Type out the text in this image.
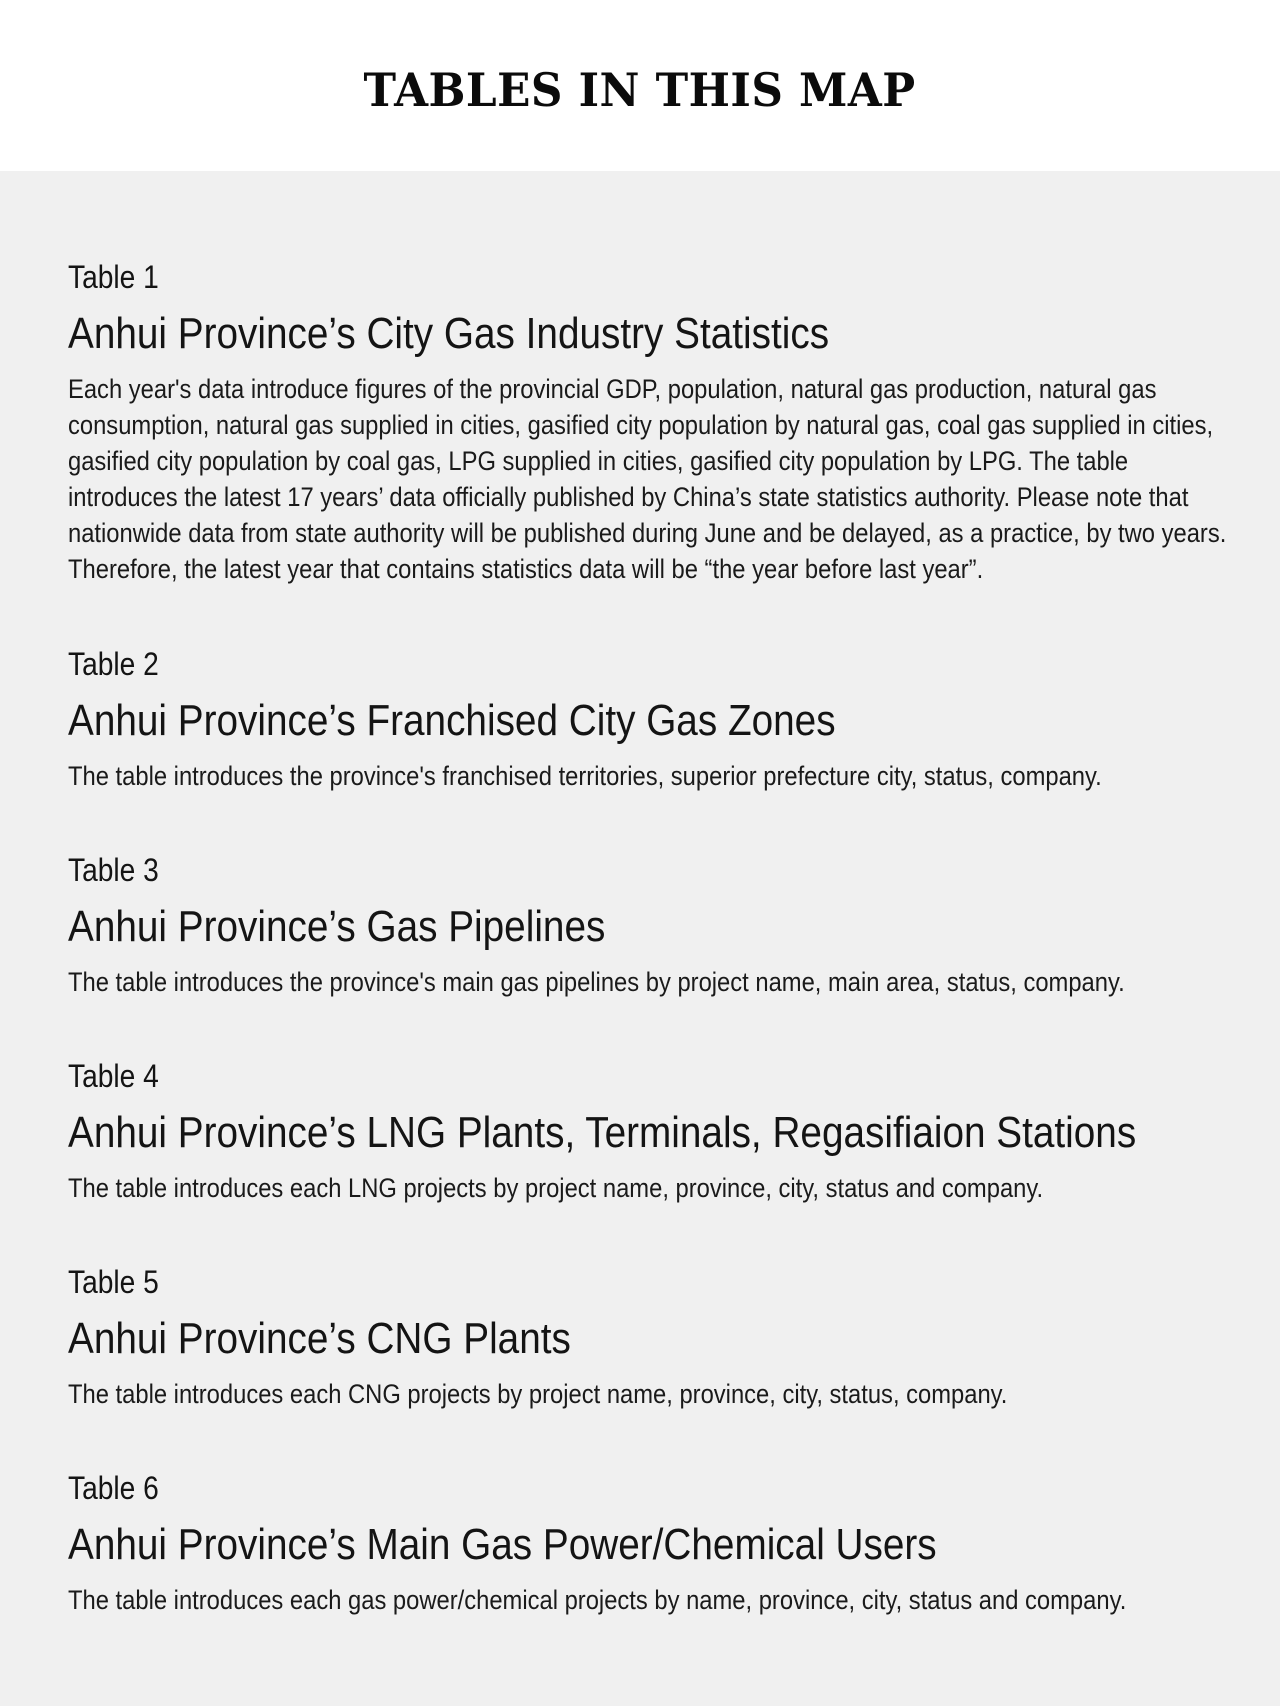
TABLES IN THIS MAP

Table 1

Anhui Province’s City Gas Industry Statistics

Each year's data introduce figures of the provincial GDP, population, natural gas production, natural gas consumption, natural gas supplied in cities, gasified city population by natural gas, coal gas supplied in cities, gasified city population by coal gas, LPG supplied in cities, gasified city population by LPG. The table introduces the latest 17 years’ data officially published by China’s state statistics authority. Please note that nationwide data from state authority will be published during June and be delayed, as a practice, by two years. Therefore, the latest year that contains statistics data will be “the year before last year”.

Table 2

Anhui Province’s Franchised City Gas Zones

The table introduces the province's franchised territories, superior prefecture city, status, company.

Table 3

Anhui Province’s Gas Pipelines

The table introduces the province's main gas pipelines by project name, main area, status, company.

Table 4

Anhui Province’s LNG Plants, Terminals, Regasifiaion Stations

The table introduces each LNG projects by project name, province, city, status and company.

Table 5

Anhui Province’s CNG Plants

The table introduces each CNG projects by project name, province, city, status, company.

Table 6

Anhui Province’s Main Gas Power/Chemical Users

The table introduces each gas power/chemical projects by name, province, city, status and company.
